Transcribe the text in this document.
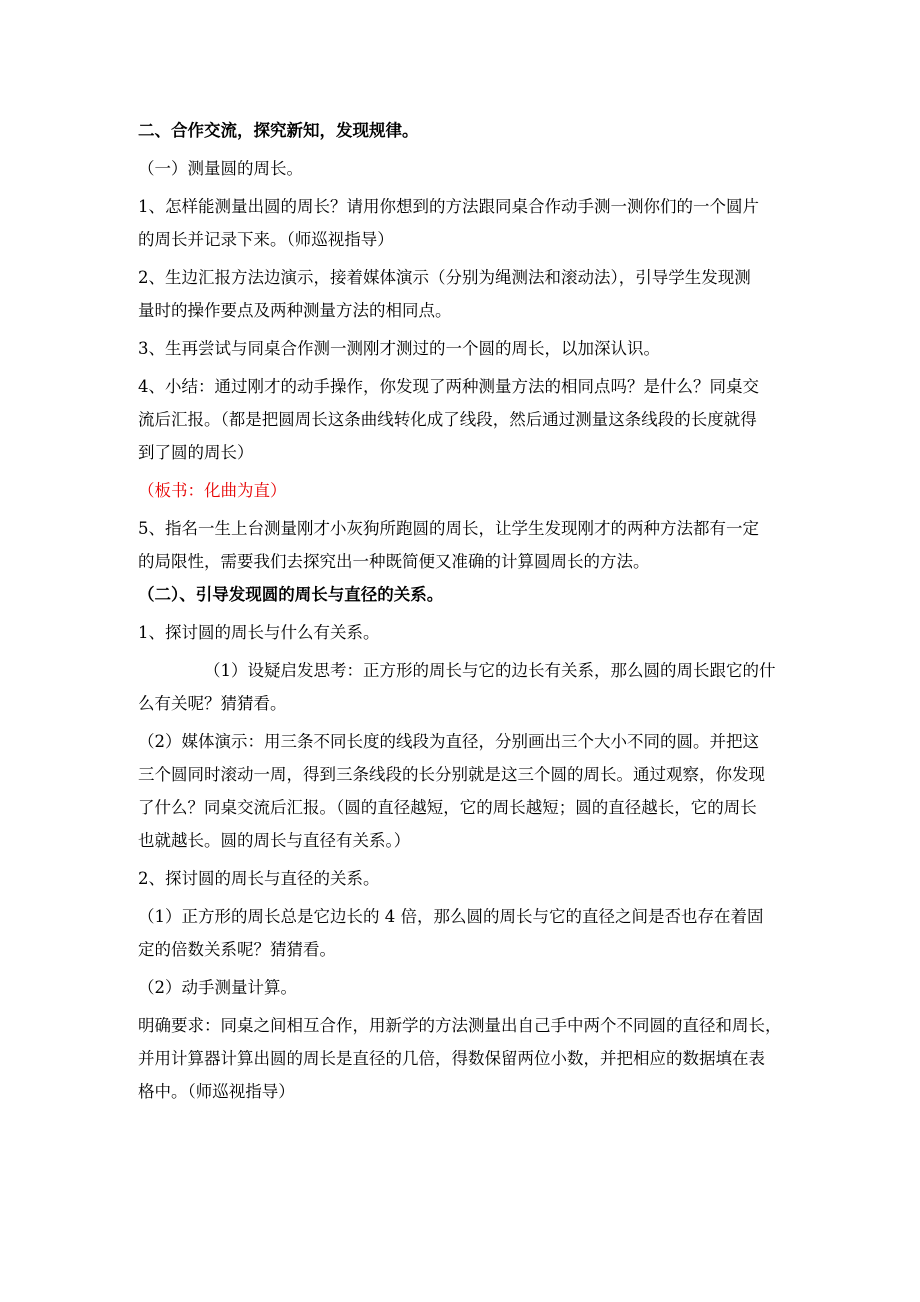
二、合作交流，探究新知，发现规律。

（一）测量圆的周长。

1、怎样能测量出圆的周长？请用你想到的方法跟同桌合作动手测一测你们的一个圆片

的周长并记录下来。（师巡视指导）

2、生边汇报方法边演示，接着媒体演示（分别为绳测法和滚动法），引导学生发现测

量时的操作要点及两种测量方法的相同点。

3、生再尝试与同桌合作测一测刚才测过的一个圆的周长，以加深认识。

4、小结：通过刚才的动手操作，你发现了两种测量方法的相同点吗？是什么？同桌交

流后汇报。（都是把圆周长这条曲线转化成了线段，然后通过测量这条线段的长度就得

到了圆的周长）

（板书：化曲为直）

5、指名一生上台测量刚才小灰狗所跑圆的周长，让学生发现刚才的两种方法都有一定

的局限性，需要我们去探究出一种既简便又准确的计算圆周长的方法。

（二）、引导发现圆的周长与直径的关系。

1、探讨圆的周长与什么有关系。

（1）设疑启发思考：正方形的周长与它的边长有关系，那么圆的周长跟它的什

么有关呢？猜猜看。

（2）媒体演示：用三条不同长度的线段为直径，分别画出三个大小不同的圆。并把这

三个圆同时滚动一周，得到三条线段的长分别就是这三个圆的周长。通过观察，你发现

了什么？同桌交流后汇报。（圆的直径越短，它的周长越短；圆的直径越长，它的周长

也就越长。圆的周长与直径有关系。）

2、探讨圆的周长与直径的关系。

（1）正方形的周长总是它边长的 4 倍，那么圆的周长与它的直径之间是否也存在着固

定的倍数关系呢？猜猜看。

（2）动手测量计算。

明确要求：同桌之间相互合作，用新学的方法测量出自己手中两个不同圆的直径和周长，

并用计算器计算出圆的周长是直径的几倍，得数保留两位小数，并把相应的数据填在表

格中。（师巡视指导）
